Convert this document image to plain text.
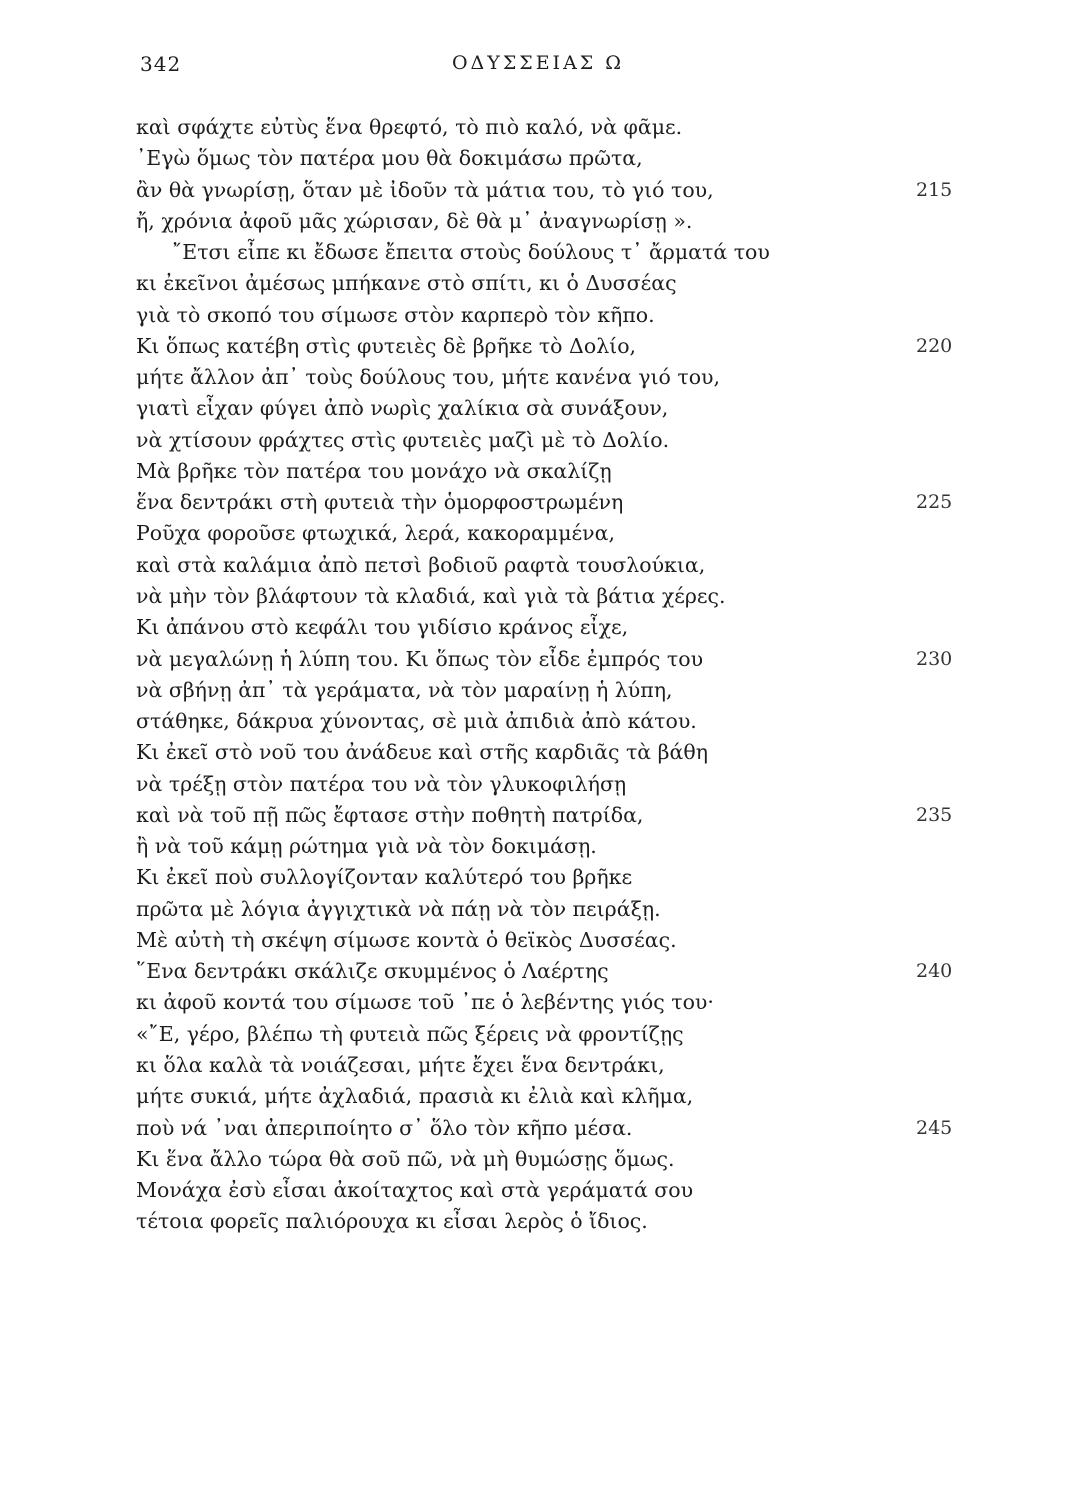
342	ΟΔΥΣΣΕΙΑΣ Ω
καὶ σφάχτε εὐτὺς ἕνα θρεφτό, τὸ πιὸ καλό, νὰ φᾶμε.
᾿Εγὼ ὅμως τὸν πατέρα μου θὰ δοκιμάσω πρῶτα,
ἂν θὰ γνωρίσῃ, ὅταν μὲ ἰδοῦν τὰ μάτια του, τὸ γιό του,	215
ἤ, χρόνια ἀφοῦ μᾶς χώρισαν, δὲ θὰ μ᾿ ἀναγνωρίσῃ ».
῎Ετσι εἶπε κι ἔδωσε ἔπειτα στοὺς δούλους τ᾿ ἄρματά του
κι ἐκεῖνοι ἀμέσως μπήκανε στὸ σπίτι, κι ὁ Δυσσέας
γιὰ τὸ σκοπό του σίμωσε στὸν καρπερὸ τὸν κῆπο.
Κι ὅπως κατέβη στὶς φυτειὲς δὲ βρῆκε τὸ Δολίο,	220
μήτε ἄλλον ἀπ᾿ τοὺς δούλους του, μήτε κανένα γιό του,
γιατὶ εἶχαν φύγει ἀπὸ νωρὶς χαλίκια σὰ συνάξουν,
νὰ χτίσουν φράχτες στὶς φυτειὲς μαζὶ μὲ τὸ Δολίο.
Μὰ βρῆκε τὸν πατέρα του μονάχο νὰ σκαλίζῃ
ἕνα δεντράκι στὴ φυτειὰ τὴν ὁμορφοστρωμένη	225
Ροῦχα φοροῦσε φτωχικά, λερά, κακοραμμένα,
καὶ στὰ καλάμια ἀπὸ πετσὶ βοδιοῦ ραφτὰ τουσλούκια,
νὰ μὴν τὸν βλάφτουν τὰ κλαδιά, καὶ γιὰ τὰ βάτια χέρες.
Κι ἀπάνου στὸ κεφάλι του γιδίσιο κράνος εἶχε,
νὰ μεγαλώνῃ ἡ λύπη του. Κι ὅπως τὸν εἶδε ἐμπρός του	230
νὰ σβήνῃ ἀπ᾿ τὰ γεράματα, νὰ τὸν μαραίνῃ ἡ λύπη,
στάθηκε, δάκρυα χύνοντας, σὲ μιὰ ἀπιδιὰ ἀπὸ κάτου.
Κι ἐκεῖ στὸ νοῦ του ἀνάδευε καὶ στῆς καρδιᾶς τὰ βάθη
νὰ τρέξῃ στὸν πατέρα του νὰ τὸν γλυκοφιλήσῃ
καὶ νὰ τοῦ πῇ πῶς ἔφτασε στὴν ποθητὴ πατρίδα,	235
ἢ νὰ τοῦ κάμῃ ρώτημα γιὰ νὰ τὸν δοκιμάσῃ.
Κι ἐκεῖ ποὺ συλλογίζονταν καλύτερό του βρῆκε
πρῶτα μὲ λόγια ἀγγιχτικὰ νὰ πάῃ νὰ τὸν πειράξῃ.
Μὲ αὐτὴ τὴ σκέψη σίμωσε κοντὰ ὁ θεϊκὸς Δυσσέας.
῞Ενα δεντράκι σκάλιζε σκυμμένος ὁ Λαέρτης	240
κι ἀφοῦ κοντά του σίμωσε τοῦ ᾿πε ὁ λεβέντης γιός του·
«῎Ε, γέρο, βλέπω τὴ φυτειὰ πῶς ξέρεις νὰ φροντίζῃς
κι ὅλα καλὰ τὰ νοιάζεσαι, μήτε ἔχει ἕνα δεντράκι,
μήτε συκιά, μήτε ἀχλαδιά, πρασιὰ κι ἐλιὰ καὶ κλῆμα,
ποὺ νά ᾿ναι ἀπεριποίητο σ᾿ ὅλο τὸν κῆπο μέσα.	245
Κι ἕνα ἄλλο τώρα θὰ σοῦ πῶ, νὰ μὴ θυμώσῃς ὅμως.
Μονάχα ἐσὺ εἶσαι ἀκοίταχτος καὶ στὰ γεράματά σου
τέτοια φορεῖς παλιόρουχα κι εἶσαι λερὸς ὁ ἴδιος.
